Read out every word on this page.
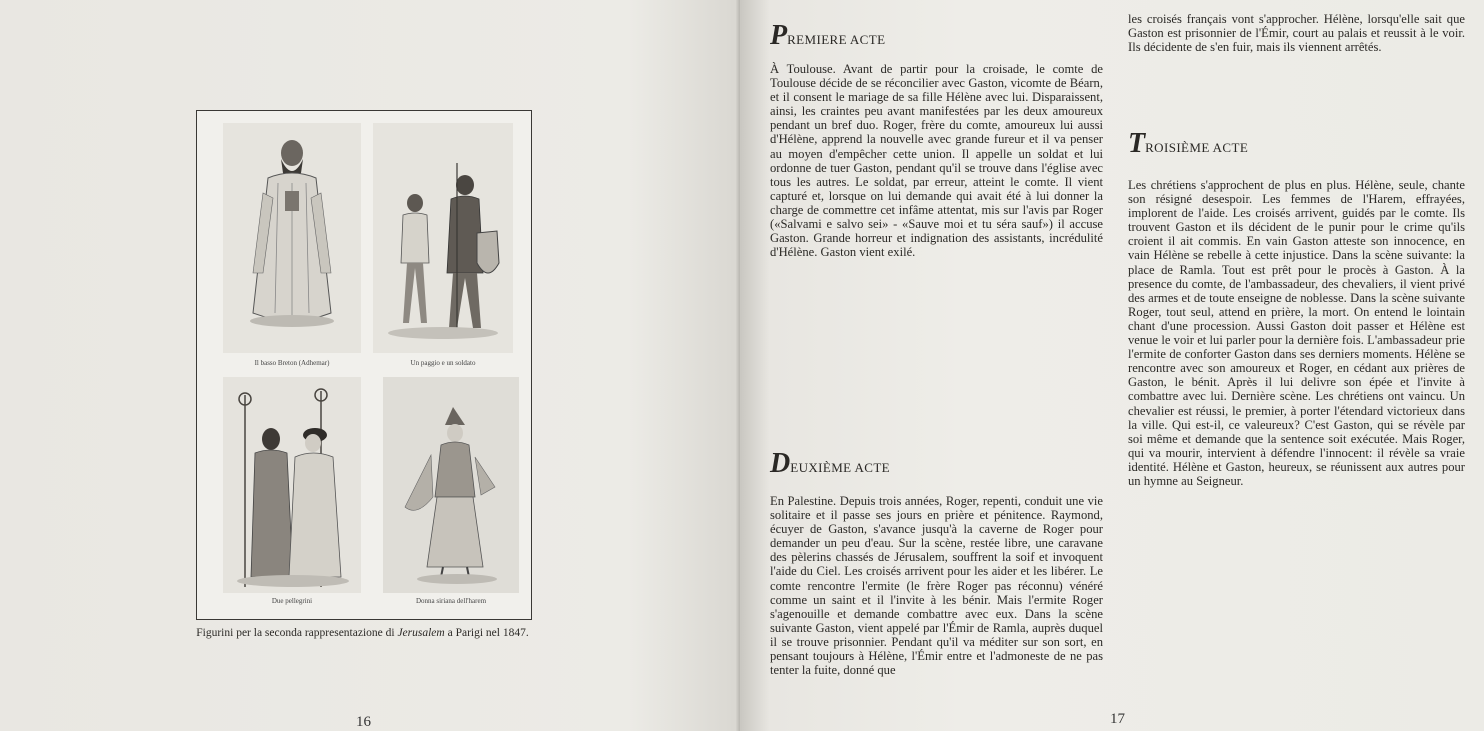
Il basso Breton (Adhemar)	Un paggio e un soldato
Due pellegrini	Donna siriana dell'harem
Figurini per la seconda rappresentazione di Jerusalem a Parigi nel 1847.
16
PREMIERE ACTE

À Toulouse. Avant de partir pour la croisade, le comte de Toulouse décide de se réconcilier avec Gaston, vicomte de Béarn, et il consent le mariage de sa fille Hélène avec lui. Disparaissent, ainsi, les craintes peu avant manifestées par les deux amoureux pendant un bref duo. Roger, frère du comte, amoureux lui aussi d'Hélène, apprend la nouvelle avec grande fureur et il va penser au moyen d'empêcher cette union. Il appelle un soldat et lui ordonne de tuer Gaston, pendant qu'il se trouve dans l'église avec tous les autres. Le soldat, par erreur, atteint le comte. Il vient capturé et, lorsque on lui demande qui avait été à lui donner la charge de commettre cet infâme attentat, mis sur l'avis par Roger («Salvami e salvo sei» - «Sauve moi et tu séra sauf») il accuse Gaston. Grande horreur et indignation des assistants, incrédulité d'Hélène. Gaston vient exilé.

DEUXIÈME ACTE

En Palestine. Depuis trois années, Roger, repenti, conduit une vie solitaire et il passe ses jours en prière et pénitence. Raymond, écuyer de Gaston, s'avance jusqu'à la caverne de Roger pour demander un peu d'eau. Sur la scène, restée libre, une caravane des pèlerins chassés de Jérusalem, souffrent la soif et invoquent l'aide du Ciel. Les croisés arrivent pour les aider et les libérer. Le comte rencontre l'ermite (le frère Roger pas réconnu) vénéré comme un saint et il l'invite à les bénir. Mais l'ermite Roger s'agenouille et demande combattre avec eux. Dans la scène suivante Gaston, vient appelé par l'Émir de Ramla, auprès duquel il se trouve prisonnier. Pendant qu'il va méditer sur son sort, en pensant toujours à Hélène, l'Émir entre et l'admoneste de ne pas tenter la fuite, donné que

les croisés français vont s'approcher. Hélène, lorsqu'elle sait que Gaston est prisonnier de l'Émir, court au palais et reussit à le voir. Ils décidente de s'en fuir, mais ils viennent arrêtés.

TROISIÈME ACTE

Les chrétiens s'approchent de plus en plus. Hélène, seule, chante son résigné desespoir. Les femmes de l'Harem, effrayées, implorent de l'aide. Les croisés arrivent, guidés par le comte. Ils trouvent Gaston et ils décident de le punir pour le crime qu'ils croient il ait commis. En vain Gaston atteste son innocence, en vain Hélène se rebelle à cette injustice. Dans la scène suivante: la place de Ramla. Tout est prêt pour le procès à Gaston. À la presence du comte, de l'ambassadeur, des chevaliers, il vient privé des armes et de toute enseigne de noblesse. Dans la scène suivante Roger, tout seul, attend en prière, la mort. On entend le lointain chant d'une procession. Aussi Gaston doit passer et Hélène est venue le voir et lui parler pour la dernière fois. L'ambassadeur prie l'ermite de conforter Gaston dans ses derniers moments. Hélène se rencontre avec son amoureux et Roger, en cédant aux prières de Gaston, le bénit. Après il lui delivre son épée et l'invite à combattre avec lui. Dernière scène. Les chrétiens ont vaincu. Un chevalier est réussi, le premier, à porter l'étendard victorieux dans la ville. Qui est-il, ce valeureux? C'est Gaston, qui se révèle par soi même et demande que la sentence soit exécutée. Mais Roger, qui va mourir, intervient à défendre l'innocent: il révèle sa vraie identité. Hélène et Gaston, heureux, se réunissent aux autres pour un hymne au Seigneur.

17
